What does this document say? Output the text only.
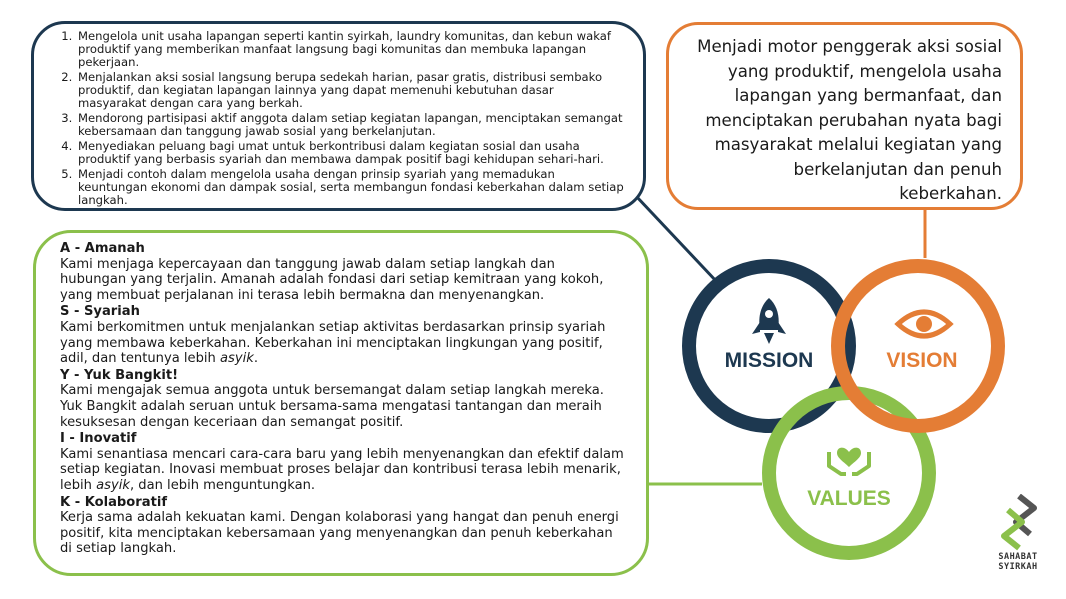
1. Mengelola unit usaha lapangan seperti kantin syirkah, laundry komunitas, dan kebun wakaf produktif yang memberikan manfaat langsung bagi komunitas dan membuka lapangan pekerjaan.
2. Menjalankan aksi sosial langsung berupa sedekah harian, pasar gratis, distribusi sembako produktif, dan kegiatan lapangan lainnya yang dapat memenuhi kebutuhan dasar masyarakat dengan cara yang berkah.
3. Mendorong partisipasi aktif anggota dalam setiap kegiatan lapangan, menciptakan semangat kebersamaan dan tanggung jawab sosial yang berkelanjutan.
4. Menyediakan peluang bagi umat untuk berkontribusi dalam kegiatan sosial dan usaha produktif yang berbasis syariah dan membawa dampak positif bagi kehidupan sehari-hari.
5. Menjadi contoh dalam mengelola usaha dengan prinsip syariah yang memadukan keuntungan ekonomi dan dampak sosial, serta membangun fondasi keberkahan dalam setiap langkah.
Menjadi motor penggerak aksi sosial yang produktif, mengelola usaha lapangan yang bermanfaat, dan menciptakan perubahan nyata bagi masyarakat melalui kegiatan yang berkelanjutan dan penuh keberkahan.
A - Amanah
Kami menjaga kepercayaan dan tanggung jawab dalam setiap langkah dan hubungan yang terjalin. Amanah adalah fondasi dari setiap kemitraan yang kokoh, yang membuat perjalanan ini terasa lebih bermakna dan menyenangkan.
S - Syariah
Kami berkomitmen untuk menjalankan setiap aktivitas berdasarkan prinsip syariah yang membawa keberkahan. Keberkahan ini menciptakan lingkungan yang positif, adil, dan tentunya lebih asyik.
Y - Yuk Bangkit!
Kami mengajak semua anggota untuk bersemangat dalam setiap langkah mereka. Yuk Bangkit adalah seruan untuk bersama-sama mengatasi tantangan dan meraih kesuksesan dengan keceriaan dan semangat positif.
I - Inovatif
Kami senantiasa mencari cara-cara baru yang lebih menyenangkan dan efektif dalam setiap kegiatan. Inovasi membuat proses belajar dan kontribusi terasa lebih menarik, lebih asyik, dan lebih menguntungkan.
K - Kolaboratif
Kerja sama adalah kekuatan kami. Dengan kolaborasi yang hangat dan penuh energi positif, kita menciptakan kebersamaan yang menyenangkan dan penuh keberkahan di setiap langkah.
MISSION	VISION
VALUES
SAHABAT
SYIRKAH
